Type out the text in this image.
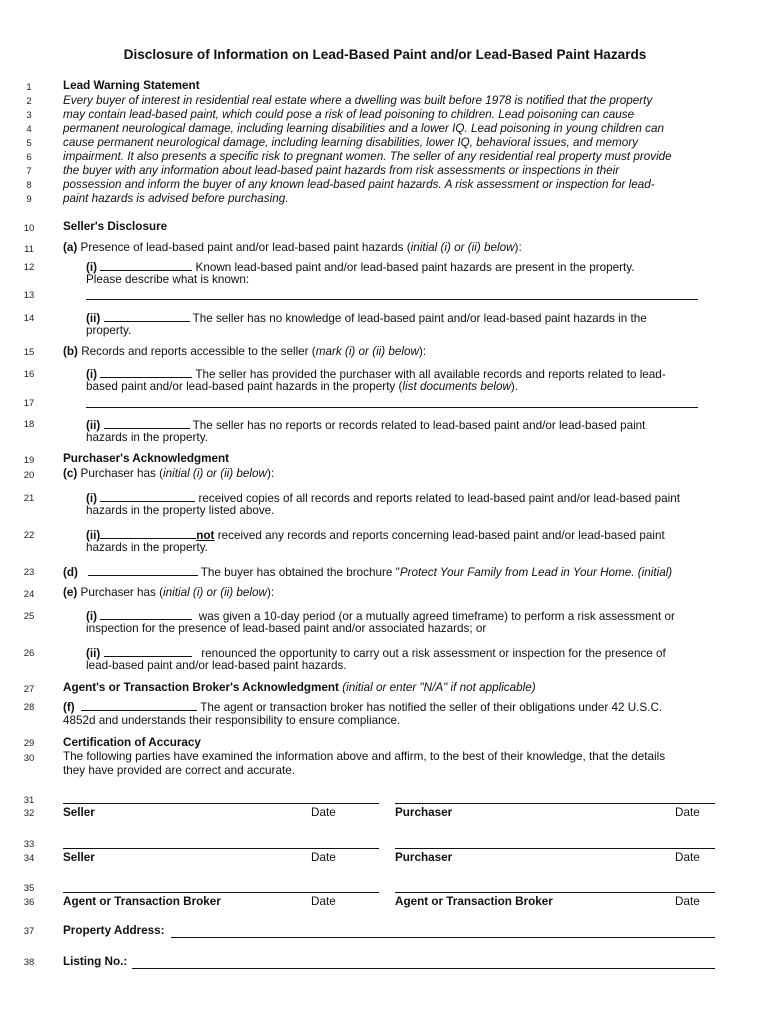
Disclosure of Information on Lead-Based Paint and/or Lead-Based Paint Hazards
1
2
3
4
5
6
7
8
9
10
11
12
13
14
15
16
17
18
19
20
21
22
23
24
25
26
27
28
29
30
31
32
33
34
35
36
37
38
Lead Warning Statement
Every buyer of interest in residential real estate where a dwelling was built before 1978 is notified that the property
may contain lead-based paint, which could pose a risk of lead poisoning to children. Lead poisoning can cause
permanent neurological damage, including learning disabilities and a lower IQ. Lead poisoning in young children can
cause permanent neurological damage, including learning disabilities, lower IQ, behavioral issues, and memory
impairment. It also presents a specific risk to pregnant women. The seller of any residential real property must provide
the buyer with any information about lead-based paint hazards from risk assessments or inspections in their
possession and inform the buyer of any known lead-based paint hazards. A risk assessment or inspection for lead-
paint hazards is advised before purchasing.
Seller's Disclosure
(a) Presence of lead-based paint and/or lead-based paint hazards (initial (i) or (ii) below):
(i)	Known lead-based paint and/or lead-based paint hazards are present in the property.
Please describe what is known:
(ii)	The seller has no knowledge of lead-based paint and/or lead-based paint hazards in the
property.
(b) Records and reports accessible to the seller (mark (i) or (ii) below):
(i)	The seller has provided the purchaser with all available records and reports related to lead-
based paint and/or lead-based paint hazards in the property (list documents below).
(ii)	The seller has no reports or records related to lead-based paint and/or lead-based paint
hazards in the property.
Purchaser's Acknowledgment
(c) Purchaser has (initial (i) or (ii) below):
(i)	received copies of all records and reports related to lead-based paint and/or lead-based paint
hazards in the property listed above.
(ii)	not received any records and reports concerning lead-based paint and/or lead-based paint
hazards in the property.
(d)	The buyer has obtained the brochure "Protect Your Family from Lead in Your Home. (initial)
(e) Purchaser has (initial (i) or (ii) below):
(i)	was given a 10-day period (or a mutually agreed timeframe) to perform a risk assessment or
inspection for the presence of lead-based paint and/or associated hazards; or
(ii)	renounced the opportunity to carry out a risk assessment or inspection for the presence of
lead-based paint and/or lead-based paint hazards.
Agent's or Transaction Broker's Acknowledgment (initial or enter "N/A" if not applicable)
(f)	The agent or transaction broker has notified the seller of their obligations under 42 U.S.C.
4852d and understands their responsibility to ensure compliance.
Certification of Accuracy
The following parties have examined the information above and affirm, to the best of their knowledge, that the details
they have provided are correct and accurate.
Seller	Date	Purchaser	Date
Seller	Date	Purchaser	Date
Agent or Transaction Broker	Date	Agent or Transaction Broker	Date
Property Address:
Listing No.:
